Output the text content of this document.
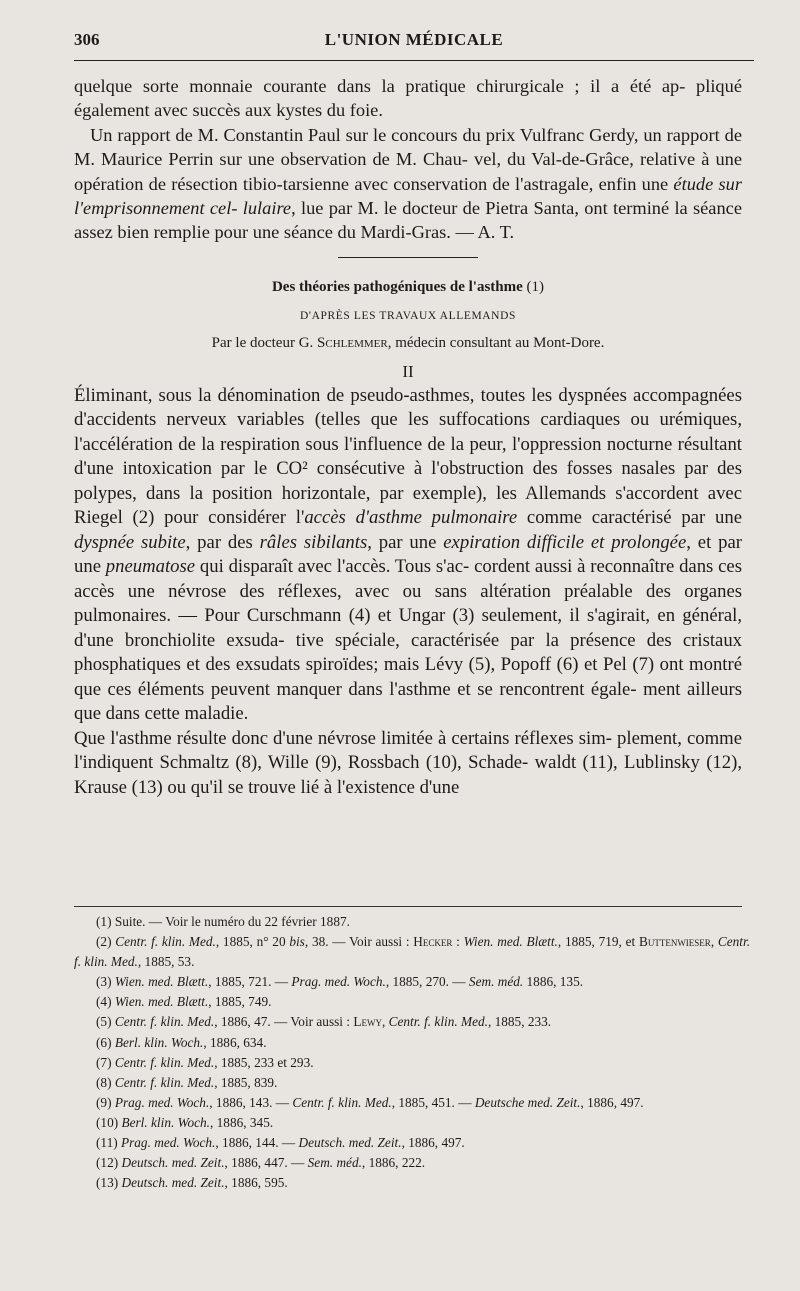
306	L'UNION MÉDICALE

quelque sorte monnaie courante dans la pratique chirurgicale ; il a été ap- pliqué également avec succès aux kystes du foie.

Un rapport de M. Constantin Paul sur le concours du prix Vulfranc Gerdy, un rapport de M. Maurice Perrin sur une observation de M. Chau- vel, du Val-de-Grâce, relative à une opération de résection tibio-tarsienne avec conservation de l'astragale, enfin une étude sur l'emprisonnement cel- lulaire, lue par M. le docteur de Pietra Santa, ont terminé la séance assez bien remplie pour une séance du Mardi-Gras. — A. T.

Des théories pathogéniques de l'asthme (1)
D'APRÈS LES TRAVAUX ALLEMANDS
Par le docteur G. Schlemmer, médecin consultant au Mont-Dore.
II

Éliminant, sous la dénomination de pseudo-asthmes, toutes les dyspnées accompagnées d'accidents nerveux variables (telles que les suffocations cardiaques ou urémiques, l'accélération de la respiration sous l'influence de la peur, l'oppression nocturne résultant d'une intoxication par le CO² consécutive à l'obstruction des fosses nasales par des polypes, dans la position horizontale, par exemple), les Allemands s'accordent avec Riegel (2) pour considérer l'accès d'asthme pulmonaire comme caractérisé par une dyspnée subite, par des râles sibilants, par une expiration difficile et prolongée, et par une pneumatose qui disparaît avec l'accès. Tous s'ac- cordent aussi à reconnaître dans ces accès une névrose des réflexes, avec ou sans altération préalable des organes pulmonaires. — Pour Curschmann (4) et Ungar (3) seulement, il s'agirait, en général, d'une bronchiolite exsuda- tive spéciale, caractérisée par la présence des cristaux phosphatiques et des exsudats spiroïdes; mais Lévy (5), Popoff (6) et Pel (7) ont montré que ces éléments peuvent manquer dans l'asthme et se rencontrent égale- ment ailleurs que dans cette maladie.

Que l'asthme résulte donc d'une névrose limitée à certains réflexes sim- plement, comme l'indiquent Schmaltz (8), Wille (9), Rossbach (10), Schade- waldt (11), Lublinsky (12), Krause (13) ou qu'il se trouve lié à l'existence d'une

(1) Suite. — Voir le numéro du 22 février 1887.
(2) Centr. f. klin. Med., 1885, n° 20 bis, 38. — Voir aussi : Hecker : Wien. med. Blætt., 1885, 719, et Buttenwieser, Centr. f. klin. Med., 1885, 53.
(3) Wien. med. Blætt., 1885, 721. — Prag. med. Woch., 1885, 270. — Sem. méd. 1886, 135.
(4) Wien. med. Blætt., 1885, 749.
(5) Centr. f. klin. Med., 1886, 47. — Voir aussi : Lewy, Centr. f. klin. Med., 1885, 233.
(6) Berl. klin. Woch., 1886, 634.
(7) Centr. f. klin. Med., 1885, 233 et 293.
(8) Centr. f. klin. Med., 1885, 839.
(9) Prag. med. Woch., 1886, 143. — Centr. f. klin. Med., 1885, 451. — Deutsche med. Zeit., 1886, 497.
(10) Berl. klin. Woch., 1886, 345.
(11) Prag. med. Woch., 1886, 144. — Deutsch. med. Zeit., 1886, 497.
(12) Deutsch. med. Zeit., 1886, 447. — Sem. méd., 1886, 222.
(13) Deutsch. med. Zeit., 1886, 595.
